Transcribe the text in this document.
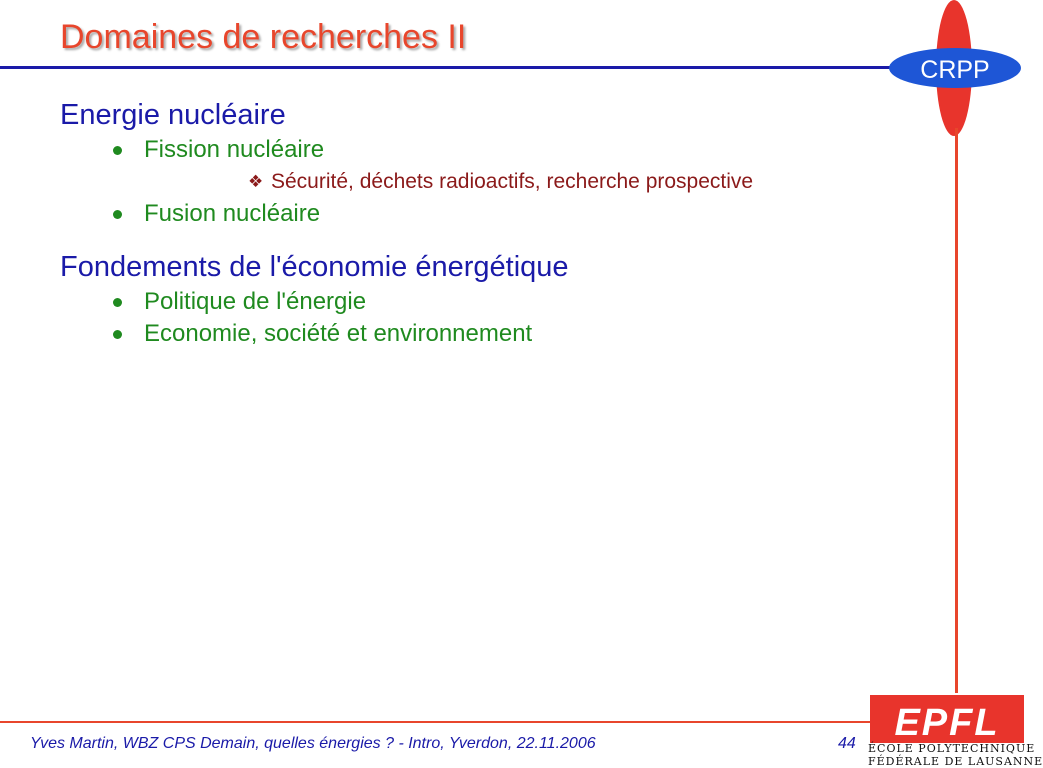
Domaines de recherches II
CRPP
Energie nucléaire
Fission nucléaire
❖ Sécurité, déchets radioactifs, recherche prospective
Fusion nucléaire
Fondements de l'économie énergétique
Politique de l'énergie
Economie, société et environnement
Yves Martin, WBZ CPS Demain, quelles énergies ? - Intro, Yverdon, 22.11.2006	44 EPFL
ÉCOLE POLYTECHNIQUE
FÉDÉRALE DE LAUSANNE
